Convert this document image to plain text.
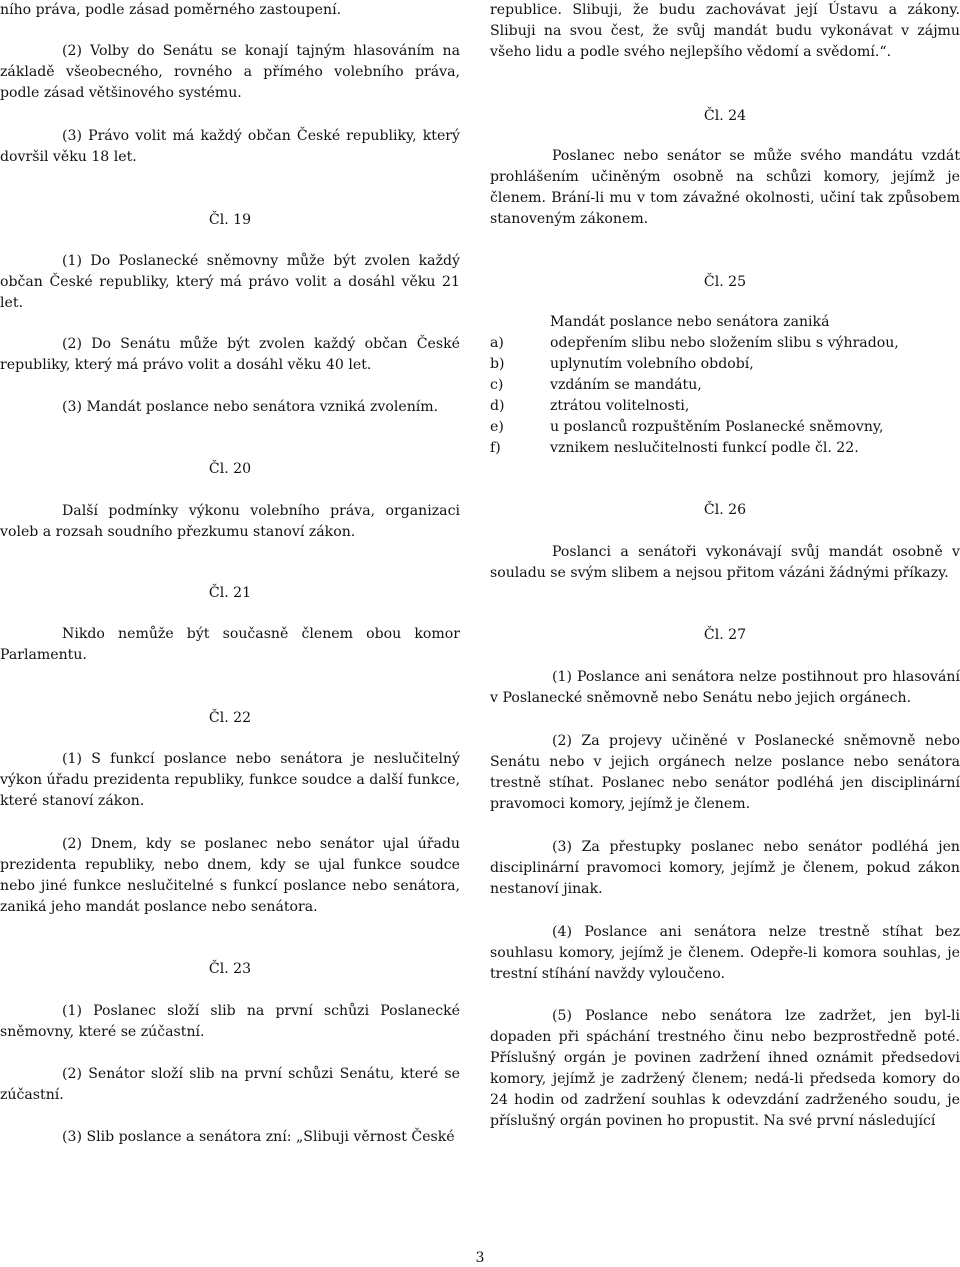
ního práva, podle zásad poměrného zastoupení.

(2) Volby do Senátu se konají tajným hlasováním na základě všeobecného, rovného a přímého volebního práva, podle zásad většinového systému.

(3) Právo volit má každý občan České republiky, který dovršil věku 18 let.

Čl. 19

(1) Do Poslanecké sněmovny může být zvolen každý občan České republiky, který má právo volit a dosáhl věku 21 let.

(2) Do Senátu může být zvolen každý občan České republiky, který má právo volit a dosáhl věku 40 let.

(3) Mandát poslance nebo senátora vzniká zvolením.

Čl. 20

Další podmínky výkonu volebního práva, organizaci voleb a rozsah soudního přezkumu stanoví zákon.

Čl. 21

Nikdo nemůže být současně členem obou komor Parlamentu.

Čl. 22

(1) S funkcí poslance nebo senátora je neslučitelný výkon úřadu prezidenta republiky, funkce soudce a další funkce, které stanoví zákon.

(2) Dnem, kdy se poslanec nebo senátor ujal úřadu prezidenta republiky, nebo dnem, kdy se ujal funkce soudce nebo jiné funkce neslučitelné s funkcí poslance nebo senátora, zaniká jeho mandát poslance nebo senátora.

Čl. 23

(1) Poslanec složí slib na první schůzi Poslanecké sněmovny, které se zúčastní.

(2) Senátor složí slib na první schůzi Senátu, které se zúčastní.

(3) Slib poslance a senátora zní: „Slibuji věrnost České

republice. Slibuji, že budu zachovávat její Ústavu a zákony. Slibuji na svou čest, že svůj mandát budu vykonávat v zájmu všeho lidu a podle svého nejlepšího vědomí a svědomí.“.

Čl. 24

Poslanec nebo senátor se může svého mandátu vzdát prohlášením učiněným osobně na schůzi komory, jejímž je členem. Brání-li mu v tom závažné okolnosti, učiní tak způsobem stanoveným zákonem.

Čl. 25

Mandát poslance nebo senátora zaniká

a)	odepřením slibu nebo složením slibu s výhradou,
b)	uplynutím volebního období,
c)	vzdáním se mandátu,
d)	ztrátou volitelnosti,
e)	u poslanců rozpuštěním Poslanecké sněmovny,
f)	vznikem neslučitelnosti funkcí podle čl. 22.

Čl. 26

Poslanci a senátoři vykonávají svůj mandát osobně v souladu se svým slibem a nejsou přitom vázáni žádnými příkazy.

Čl. 27

(1) Poslance ani senátora nelze postihnout pro hlasování v Poslanecké sněmovně nebo Senátu nebo jejich orgánech.

(2) Za projevy učiněné v Poslanecké sněmovně nebo Senátu nebo v jejich orgánech nelze poslance nebo senátora trestně stíhat. Poslanec nebo senátor podléhá jen disciplinární pravomoci komory, jejímž je členem.

(3) Za přestupky poslanec nebo senátor podléhá jen disciplinární pravomoci komory, jejímž je členem, pokud zákon nestanoví jinak.

(4) Poslance ani senátora nelze trestně stíhat bez souhlasu komory, jejímž je členem. Odepře-li komora souhlas, je trestní stíhání navždy vyloučeno.

(5) Poslance nebo senátora lze zadržet, jen byl-li dopaden při spáchání trestného činu nebo bezprostředně poté. Příslušný orgán je povinen zadržení ihned oznámit předsedovi komory, jejímž je zadržený členem; nedá-li předseda komory do 24 hodin od zadržení souhlas k odevzdání zadrženého soudu, je příslušný orgán povinen ho propustit. Na své první následující

3
